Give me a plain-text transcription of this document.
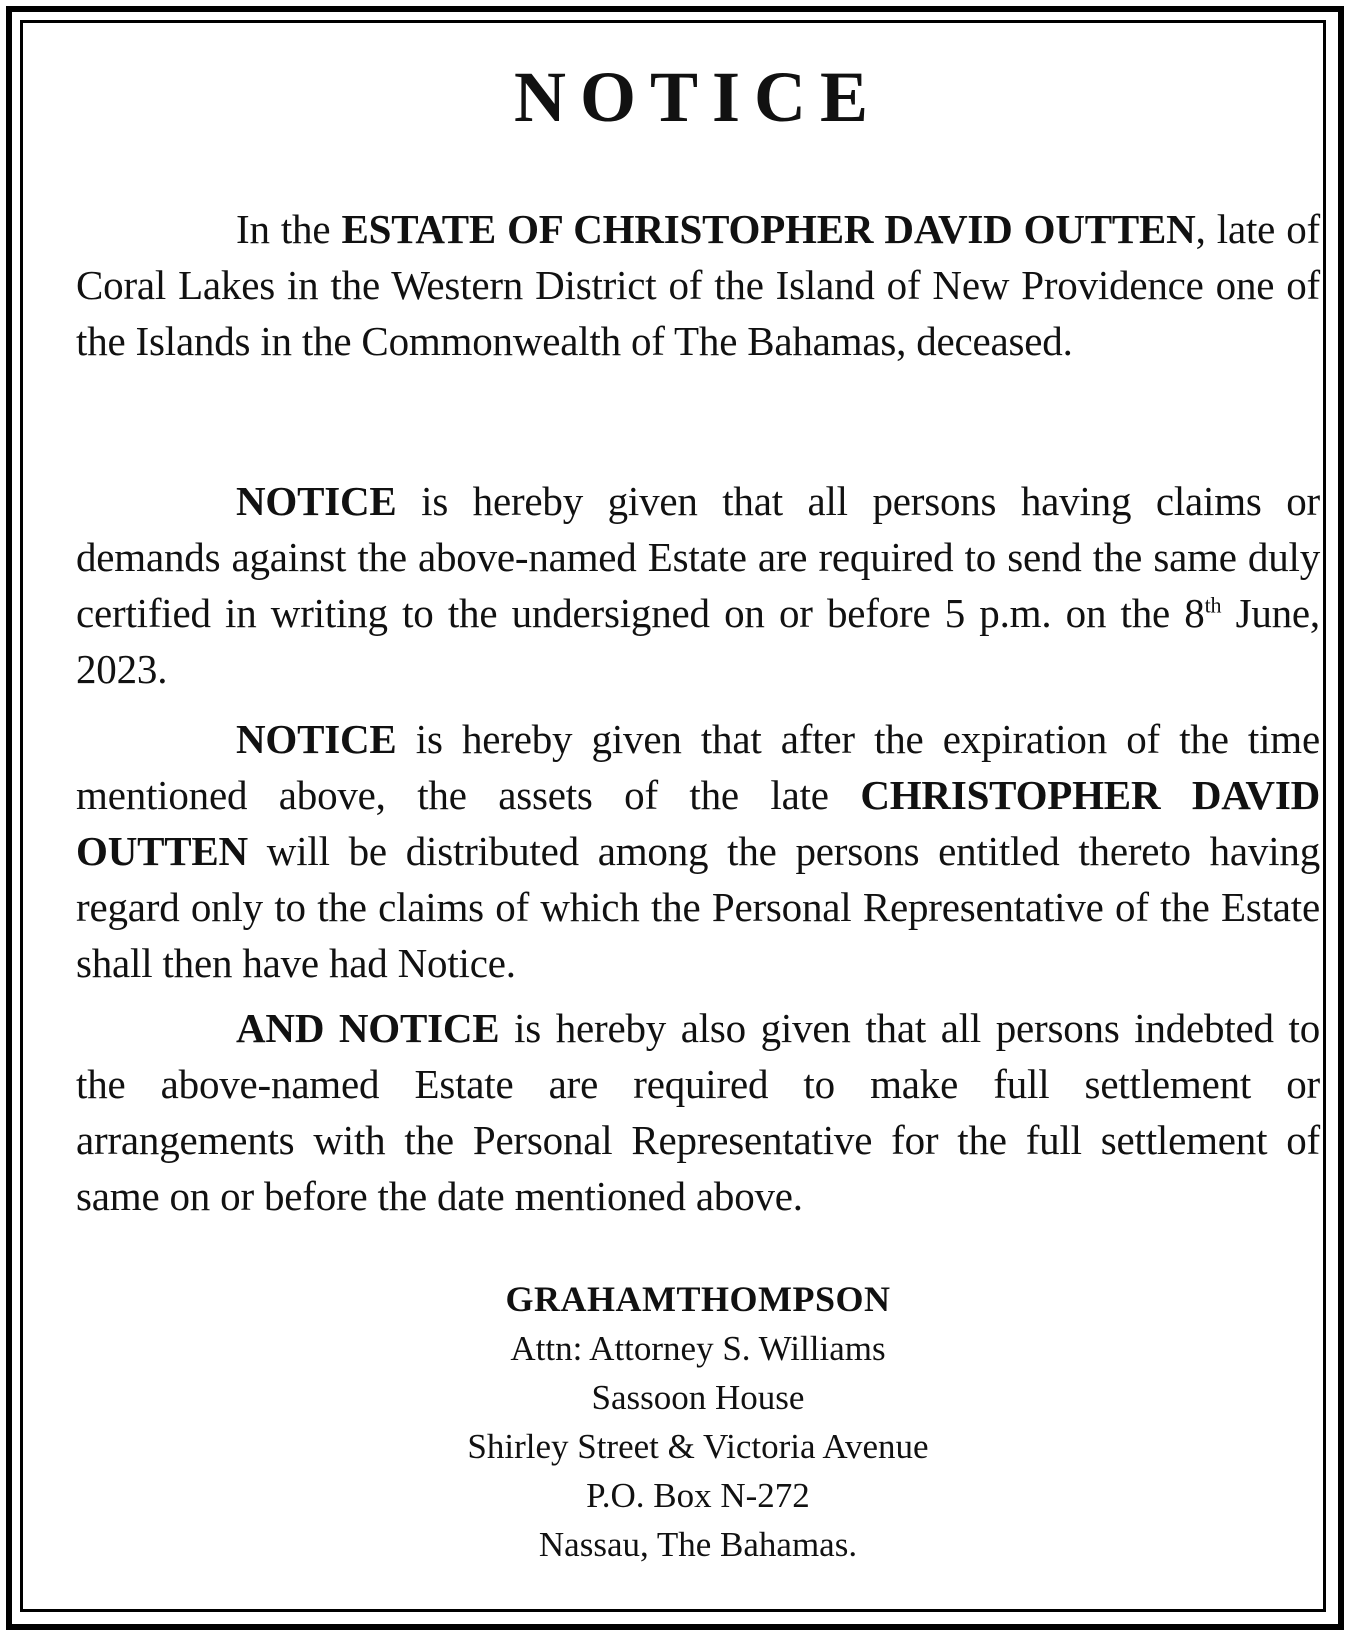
NOTICE

In the ESTATE OF CHRISTOPHER DAVID OUTTEN, late of Coral Lakes in the Western District of the Island of New Providence one of the Islands in the Commonwealth of The Bahamas, deceased.

NOTICE is hereby given that all persons having claims or demands against the above-named Estate are required to send the same duly certified in writing to the undersigned on or before 5 p.m. on the 8th June, 2023.

NOTICE is hereby given that after the expiration of the time mentioned above, the assets of the late CHRISTOPHER DAVID OUTTEN will be distributed among the persons entitled thereto having regard only to the claims of which the Personal Representative of the Estate shall then have had Notice.

AND NOTICE is hereby also given that all persons indebted to the above-named Estate are required to make full settlement or arrangements with the Personal Representative for the full settlement of same on or before the date mentioned above.

GRAHAMTHOMPSON
Attn: Attorney S. Williams
Sassoon House
Shirley Street & Victoria Avenue
P.O. Box N-272
Nassau, The Bahamas.
